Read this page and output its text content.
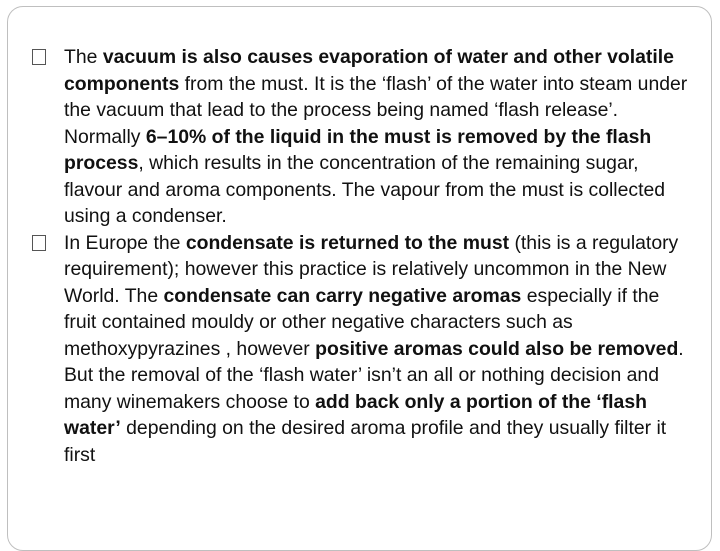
The vacuum is also causes evaporation of water and other volatile components from the must. It is the ‘flash’ of the water into steam under the vacuum that lead to the process being named ‘flash release’. Normally 6–10% of the liquid in the must is removed by the flash process, which results in the concentration of the remaining sugar, flavour and aroma components. The vapour from the must is collected using a condenser.

In Europe the condensate is returned to the must (this is a regulatory requirement); however this practice is relatively uncommon in the New World. The condensate can carry negative aromas especially if the fruit contained mouldy or other negative characters such as methoxypyrazines , however positive aromas could also be removed. But the removal of the ‘flash water’ isn’t an all or nothing decision and many winemakers choose to add back only a portion of the ‘flash water’ depending on the desired aroma profile and they usually filter it first
